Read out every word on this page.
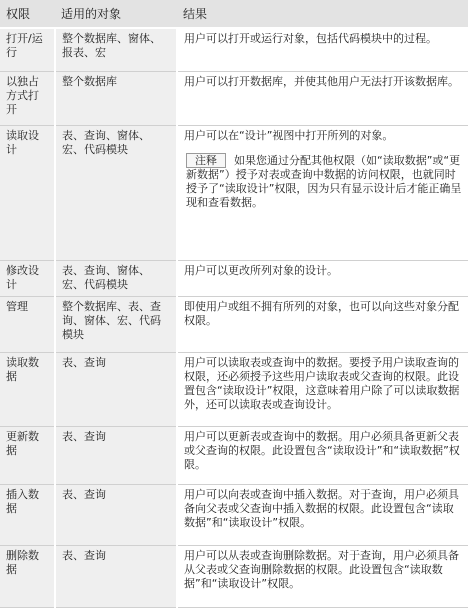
权限	适用的对象	结果
打开/运行	整个数据库、窗体、报表、宏	用户可以打开或运行对象，包括代码模块中的过程。
以独占方式打开	整个数据库	用户可以打开数据库，并使其他用户无法打开该数据库。
读取设计	表、查询、窗体、宏、代码模块	用户可以在“设计”视图中打开所列的对象。
注释 如果您通过分配其他权限（如“读取数据”或“更新数据”）授予对表或查询中数据的访问权限，也就同时授予了“读取设计”权限，因为只有显示设计后才能正确呈现和查看数据。

修改设计	表、查询、窗体、宏、代码模块	用户可以更改所列对象的设计。
管理	整个数据库、表、查询、窗体、宏、代码模块	即使用户或组不拥有所列的对象，也可以向这些对象分配权限。
读取数据	表、查询	用户可以读取表或查询中的数据。要授予用户读取查询的权限，还必须授予这些用户读取表或父查询的权限。此设置包含“读取设计”权限，这意味着用户除了可以读取数据外，还可以读取表或查询设计。
更新数据	表、查询	用户可以更新表或查询中的数据。用户必须具备更新父表或父查询的权限。此设置包含“读取设计”和“读取数据”权限。
插入数据	表、查询	用户可以向表或查询中插入数据。对于查询，用户必须具备向父表或父查询中插入数据的权限。此设置包含“读取数据”和“读取设计”权限。
删除数据	表、查询	用户可以从表或查询删除数据。对于查询，用户必须具备从父表或父查询删除数据的权限。此设置包含“读取数据”和“读取设计”权限。
